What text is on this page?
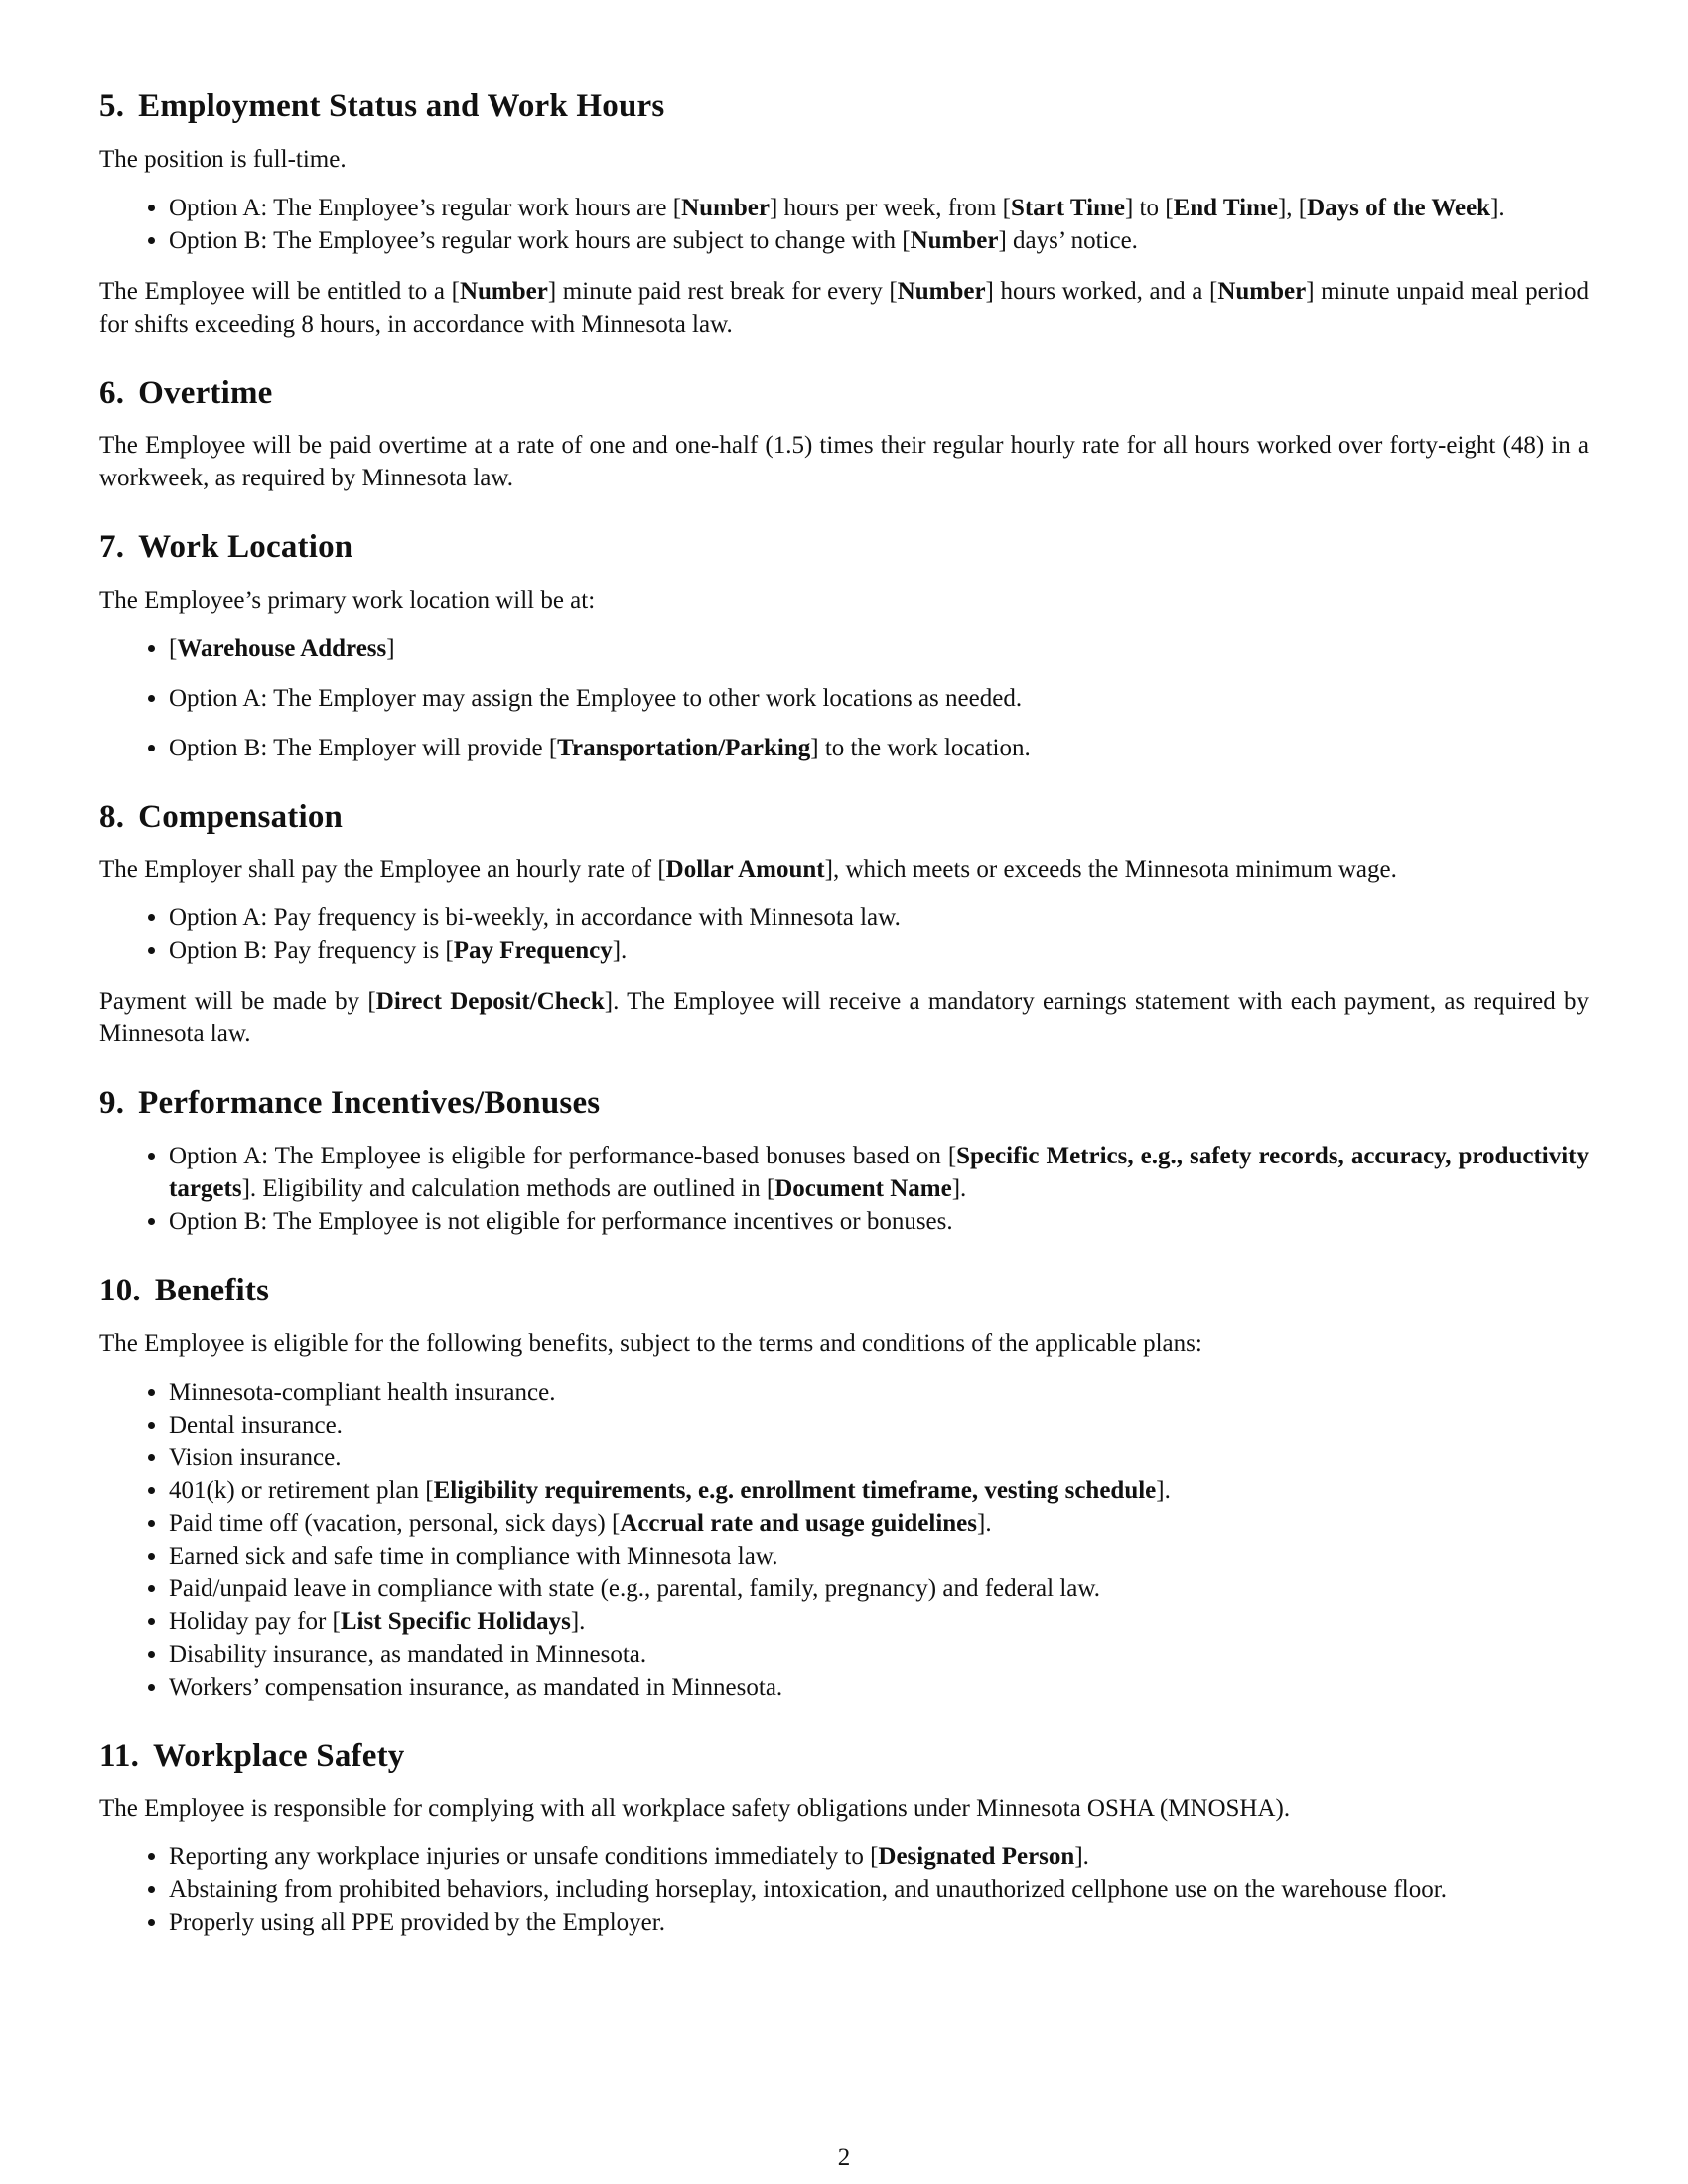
5. Employment Status and Work Hours

The position is full-time.

• Option A: The Employee’s regular work hours are [Number] hours per week, from [Start Time] to [End Time], [Days of the Week].
• Option B: The Employee’s regular work hours are subject to change with [Number] days’ notice.

The Employee will be entitled to a [Number] minute paid rest break for every [Number] hours worked, and a [Number] minute unpaid meal period for shifts exceeding 8 hours, in accordance with Minnesota law.

6. Overtime

The Employee will be paid overtime at a rate of one and one-half (1.5) times their regular hourly rate for all hours worked over forty-eight (48) in a workweek, as required by Minnesota law.

7. Work Location

The Employee’s primary work location will be at:

• [Warehouse Address]
• Option A: The Employer may assign the Employee to other work locations as needed.
• Option B: The Employer will provide [Transportation/Parking] to the work location.
8. Compensation

The Employer shall pay the Employee an hourly rate of [Dollar Amount], which meets or exceeds the Minnesota minimum wage.

• Option A: Pay frequency is bi-weekly, in accordance with Minnesota law.
• Option B: Pay frequency is [Pay Frequency].

Payment will be made by [Direct Deposit/Check]. The Employee will receive a mandatory earnings statement with each payment, as required by Minnesota law.

9. Performance Incentives/Bonuses
• Option A: The Employee is eligible for performance-based bonuses based on [Specific Metrics, e.g., safety records, accuracy, productivity targets]. Eligibility and calculation methods are outlined in [Document Name].
• Option B: The Employee is not eligible for performance incentives or bonuses.
10. Benefits

The Employee is eligible for the following benefits, subject to the terms and conditions of the applicable plans:

• Minnesota-compliant health insurance.
• Dental insurance.
• Vision insurance.
• 401(k) or retirement plan [Eligibility requirements, e.g. enrollment timeframe, vesting schedule].
• Paid time off (vacation, personal, sick days) [Accrual rate and usage guidelines].
• Earned sick and safe time in compliance with Minnesota law.
• Paid/unpaid leave in compliance with state (e.g., parental, family, pregnancy) and federal law.
• Holiday pay for [List Specific Holidays].
• Disability insurance, as mandated in Minnesota.
• Workers’ compensation insurance, as mandated in Minnesota.
11. Workplace Safety

The Employee is responsible for complying with all workplace safety obligations under Minnesota OSHA (MNOSHA).

• Reporting any workplace injuries or unsafe conditions immediately to [Designated Person].
• Abstaining from prohibited behaviors, including horseplay, intoxication, and unauthorized cellphone use on the warehouse floor.
• Properly using all PPE provided by the Employer.
2
